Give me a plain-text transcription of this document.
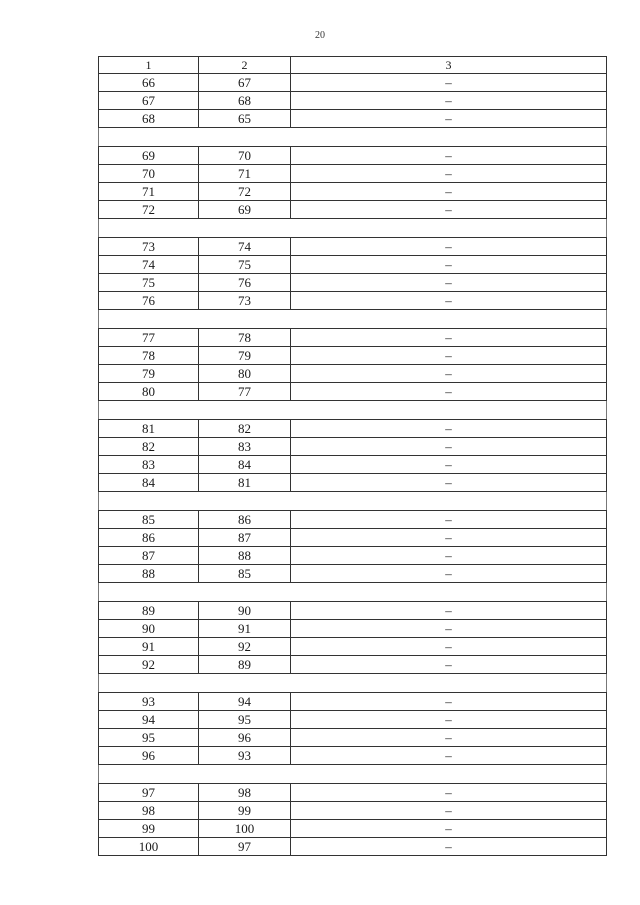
20
1	2	3
66	67	–
67	68	–
68	65	–

69	70	–
70	71	–
71	72	–
72	69	–

73	74	–
74	75	–
75	76	–
76	73	–

77	78	–
78	79	–
79	80	–
80	77	–

81	82	–
82	83	–
83	84	–
84	81	–

85	86	–
86	87	–
87	88	–
88	85	–

89	90	–
90	91	–
91	92	–
92	89	–

93	94	–
94	95	–
95	96	–
96	93	–

97	98	–
98	99	–
99	100	–
100	97	–
